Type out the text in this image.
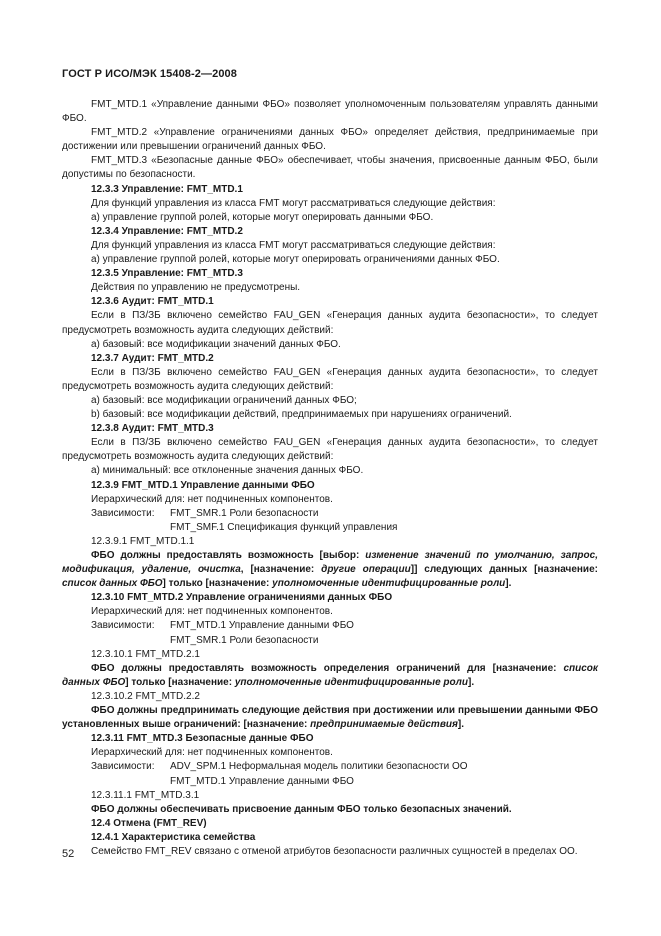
ГОСТ Р ИСО/МЭК 15408-2—2008

FMT_MTD.1 «Управление данными ФБО» позволяет уполномоченным пользователям управлять данными ФБО.

FMT_MTD.2 «Управление ограничениями данных ФБО» определяет действия, предпринимаемые при достижении или превышении ограничений данных ФБО.

FMT_MTD.3 «Безопасные данные ФБО» обеспечивает, чтобы значения, присвоенные данным ФБО, были допустимы по безопасности.

12.3.3 Управление: FMT_MTD.1

Для функций управления из класса FMT могут рассматриваться следующие действия:

а) управление группой ролей, которые могут оперировать данными ФБО.

12.3.4 Управление: FMT_MTD.2

Для функций управления из класса FMT могут рассматриваться следующие действия:

а) управление группой ролей, которые могут оперировать ограничениями данных ФБО.

12.3.5 Управление: FMT_MTD.3

Действия по управлению не предусмотрены.

12.3.6 Аудит: FMT_MTD.1

Если в ПЗ/ЗБ включено семейство FAU_GEN «Генерация данных аудита безопасности», то следует предусмотреть возможность аудита следующих действий:

а) базовый: все модификации значений данных ФБО.

12.3.7 Аудит: FMT_MTD.2

Если в ПЗ/ЗБ включено семейство FAU_GEN «Генерация данных аудита безопасности», то следует предусмотреть возможность аудита следующих действий:

а) базовый: все модификации ограничений данных ФБО;

b) базовый: все модификации действий, предпринимаемых при нарушениях ограничений.

12.3.8 Аудит: FMT_MTD.3

Если в ПЗ/ЗБ включено семейство FAU_GEN «Генерация данных аудита безопасности», то следует предусмотреть возможность аудита следующих действий:

а) минимальный: все отклоненные значения данных ФБО.

12.3.9 FMT_MTD.1 Управление данными ФБО

Иерархический для: нет подчиненных компонентов.

Зависимости:	FMT_SMR.1 Роли безопасности

FMT_SMF.1 Спецификация функций управления

12.3.9.1 FMT_MTD.1.1

ФБО должны предоставлять возможность [выбор: изменение значений по умолчанию, запрос, модификация, удаление, очистка, [назначение: другие операции]] следующих данных [назначение: список данных ФБО] только [назначение: уполномоченные идентифицированные роли].

12.3.10 FMT_MTD.2 Управление ограничениями данных ФБО

Иерархический для: нет подчиненных компонентов.

Зависимости:	FMT_MTD.1 Управление данными ФБО

FMT_SMR.1 Роли безопасности

12.3.10.1 FMT_MTD.2.1

ФБО должны предоставлять возможность определения ограничений для [назначение: список данных ФБО] только [назначение: уполномоченные идентифицированные роли].

12.3.10.2 FMT_MTD.2.2

ФБО должны предпринимать следующие действия при достижении или превышении данными ФБО установленных выше ограничений: [назначение: предпринимаемые действия].

12.3.11 FMT_MTD.3 Безопасные данные ФБО

Иерархический для: нет подчиненных компонентов.

Зависимости:	ADV_SPM.1 Неформальная модель политики безопасности ОО

FMT_MTD.1 Управление данными ФБО

12.3.11.1 FMT_MTD.3.1

ФБО должны обеспечивать присвоение данным ФБО только безопасных значений.

12.4 Отмена (FMT_REV)

12.4.1 Характеристика семейства

Семейство FMT_REV связано с отменой атрибутов безопасности различных сущностей в пределах ОО.

52
